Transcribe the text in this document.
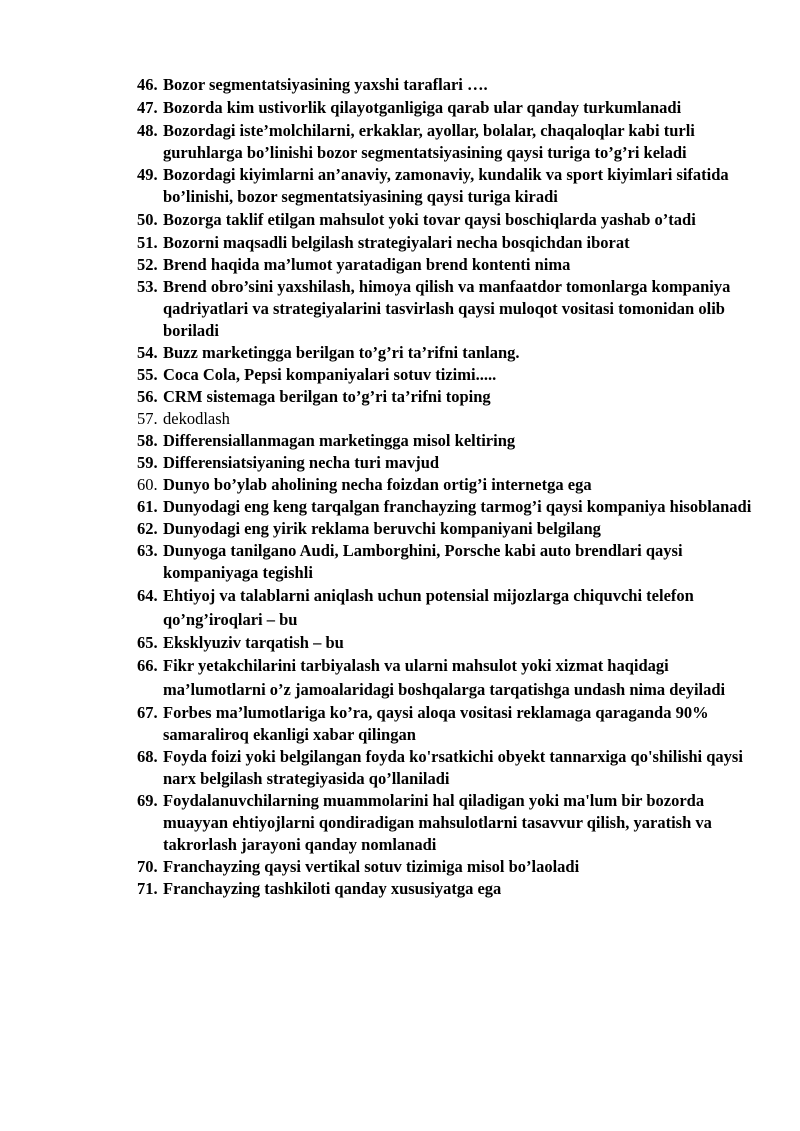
46. Bozor segmentatsiyasining yaxshi taraflari ….
47. Bozorda kim ustivorlik qilayotganligiga qarab ular qanday turkumlanadi
48. Bozordagi iste’molchilarni, erkaklar, ayollar, bolalar, chaqaloqlar kabi turli guruhlarga bo’linishi bozor segmentatsiyasining qaysi turiga to’g’ri keladi
49. Bozordagi kiyimlarni an’anaviy, zamonaviy, kundalik va sport kiyimlari sifatida bo’linishi, bozor segmentatsiyasining qaysi turiga kiradi
50. Bozorga taklif etilgan mahsulot yoki tovar qaysi boschiqlarda yashab o’tadi
51. Bozorni maqsadli belgilash strategiyalari necha bosqichdan iborat
52. Brend haqida ma’lumot yaratadigan brend kontenti nima
53. Brend obro’sini yaxshilash, himoya qilish va manfaatdor tomonlarga kompaniya qadriyatlari va strategiyalarini tasvirlash qaysi muloqot vositasi tomonidan olib boriladi
54. Buzz marketingga berilgan to’g’ri ta’rifni tanlang.
55. Coca Cola, Pepsi kompaniyalari sotuv tizimi.....
56. CRM sistemaga berilgan to’g’ri ta’rifni toping
57. dekodlash
58. Differensiallanmagan marketingga misol keltiring
59. Differensiatsiyaning necha turi mavjud
60. Dunyo bo’ylab aholining necha foizdan ortig’i internetga ega
61. Dunyodagi eng keng tarqalgan franchayzing tarmog’i qaysi kompaniya hisoblanadi
62. Dunyodagi eng yirik reklama beruvchi kompaniyani belgilang
63. Dunyoga tanilgano Audi, Lamborghini, Porsche kabi auto brendlari qaysi kompaniyaga tegishli
64. Ehtiyoj va talablarni aniqlash uchun potensial mijozlarga chiquvchi telefon qo’ng’iroqlari – bu
65. Eksklyuziv tarqatish – bu
66. Fikr yetakchilarini tarbiyalash va ularni mahsulot yoki xizmat haqidagi ma’lumotlarni o’z jamoalaridagi boshqalarga tarqatishga undash nima deyiladi
67. Forbes ma’lumotlariga ko’ra, qaysi aloqa vositasi reklamaga qaraganda 90% samaraliroq ekanligi xabar qilingan
68. Foyda foizi yoki belgilangan foyda ko'rsatkichi obyekt tannarxiga qo'shilishi qaysi narx belgilash strategiyasida qo’llaniladi
69. Foydalanuvchilarning muammolarini hal qiladigan yoki ma'lum bir bozorda muayyan ehtiyojlarni qondiradigan mahsulotlarni tasavvur qilish, yaratish va takrorlash jarayoni qanday nomlanadi
70. Franchayzing qaysi vertikal sotuv tizimiga misol bo’laoladi
71. Franchayzing tashkiloti qanday xususiyatga ega
